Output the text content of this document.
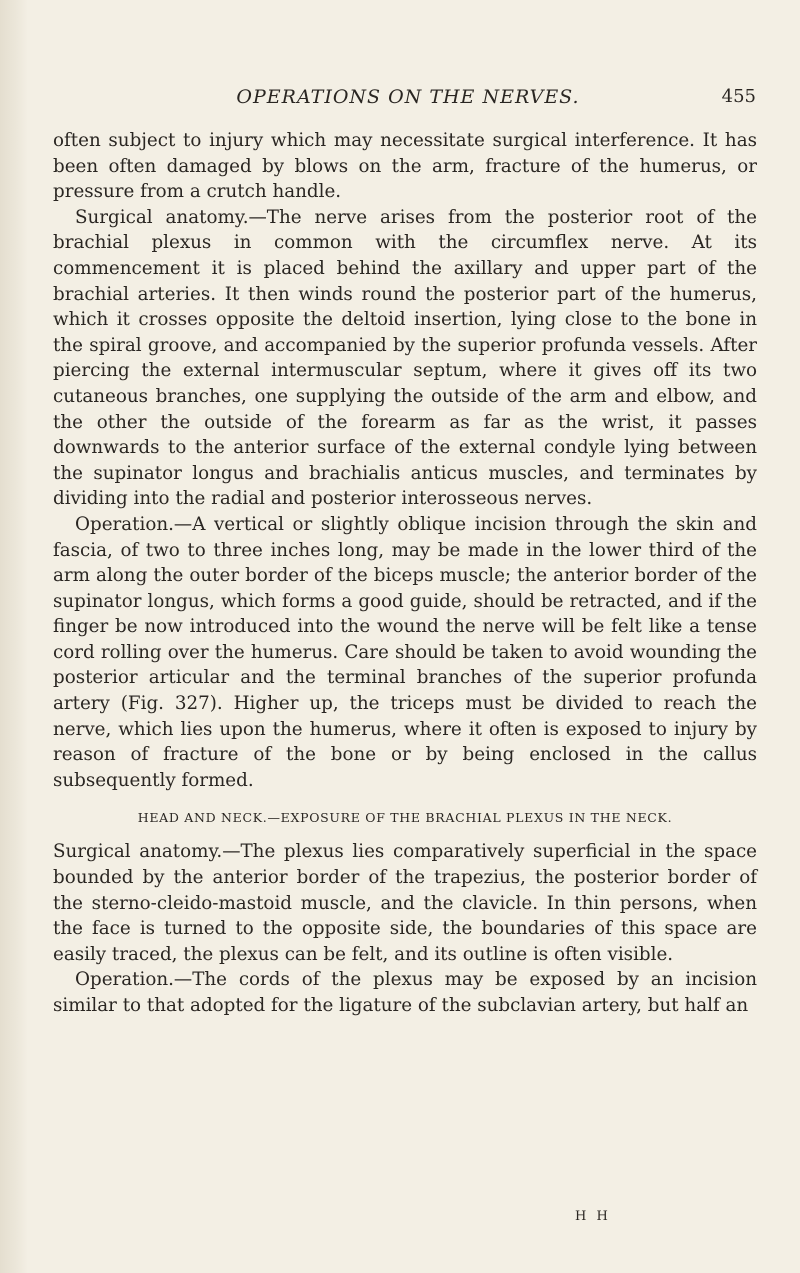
OPERATIONS ON THE NERVES.	455

often subject to injury which may necessitate surgical interference. It has been often damaged by blows on the arm, fracture of the humerus, or pressure from a crutch handle.

Surgical anatomy.—The nerve arises from the posterior root of the brachial plexus in common with the circumflex nerve. At its commencement it is placed behind the axillary and upper part of the brachial arteries. It then winds round the posterior part of the humerus, which it crosses opposite the deltoid insertion, lying close to the bone in the spiral groove, and accompanied by the superior profunda vessels. After piercing the external intermuscular septum, where it gives off its two cutaneous branches, one supplying the outside of the arm and elbow, and the other the outside of the forearm as far as the wrist, it passes downwards to the anterior surface of the external condyle lying between the supinator longus and brachialis anticus muscles, and terminates by dividing into the radial and posterior interosseous nerves.

Operation.—A vertical or slightly oblique incision through the skin and fascia, of two to three inches long, may be made in the lower third of the arm along the outer border of the biceps muscle; the anterior border of the supinator longus, which forms a good guide, should be retracted, and if the finger be now introduced into the wound the nerve will be felt like a tense cord rolling over the humerus. Care should be taken to avoid wounding the posterior articular and the terminal branches of the superior profunda artery (Fig. 327). Higher up, the triceps must be divided to reach the nerve, which lies upon the humerus, where it often is exposed to injury by reason of fracture of the bone or by being enclosed in the callus subsequently formed.

HEAD AND NECK.—EXPOSURE OF THE BRACHIAL PLEXUS IN THE NECK.

Surgical anatomy.—The plexus lies comparatively superficial in the space bounded by the anterior border of the trapezius, the posterior border of the sterno-cleido-mastoid muscle, and the clavicle. In thin persons, when the face is turned to the opposite side, the boundaries of this space are easily traced, the plexus can be felt, and its outline is often visible.

Operation.—The cords of the plexus may be exposed by an incision similar to that adopted for the ligature of the subclavian artery, but half an

H H
